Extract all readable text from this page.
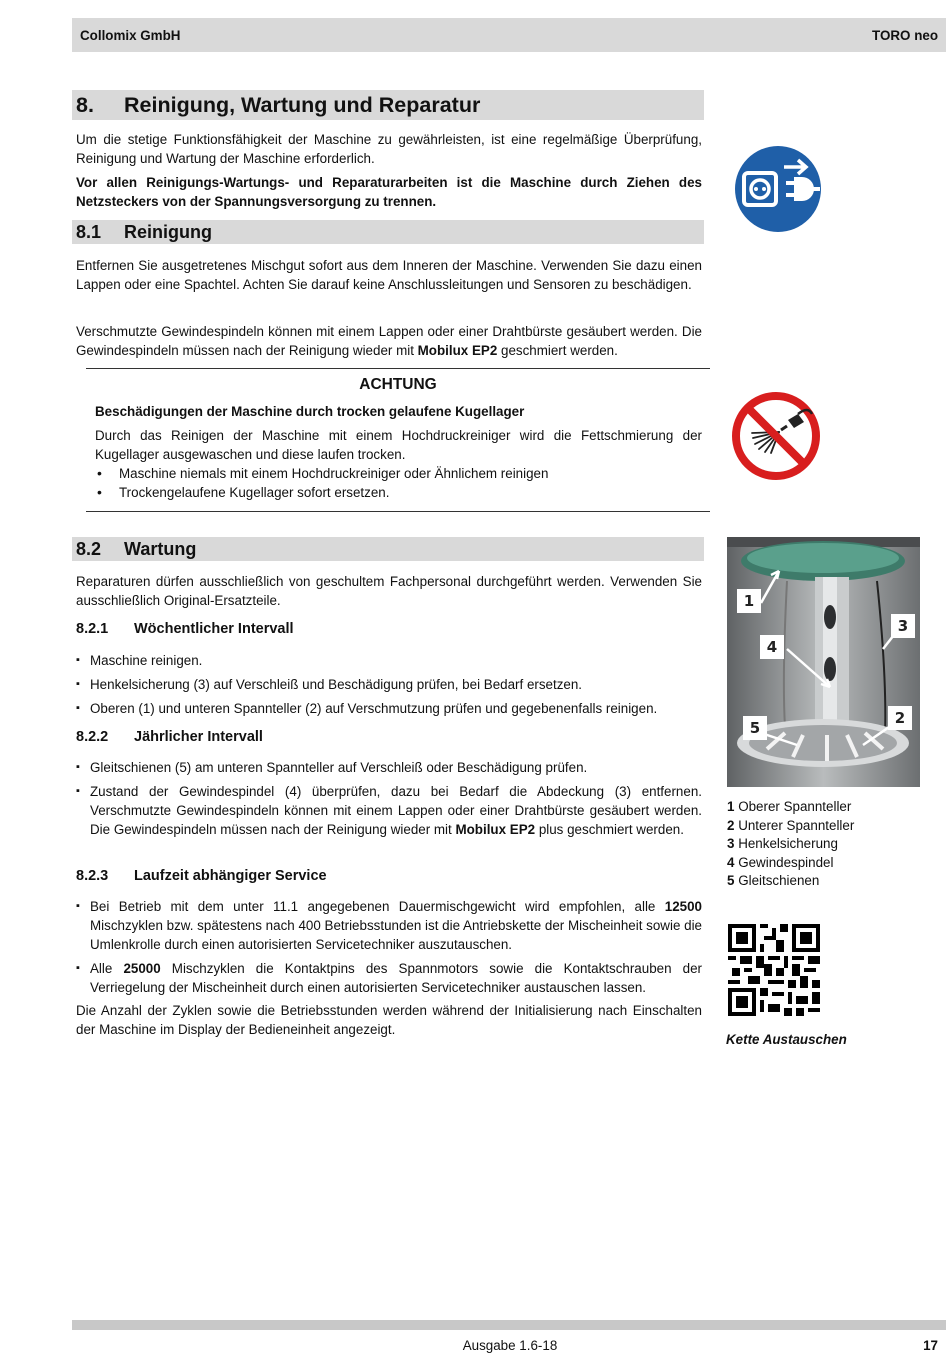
Collomix GmbH	TORO neo
8. Reinigung, Wartung und Reparatur
Um die stetige Funktionsfähigkeit der Maschine zu gewährleisten, ist eine regelmäßige Überprüfung, Reinigung und Wartung der Maschine erforderlich.
Vor allen Reinigungs-Wartungs- und Reparaturarbeiten ist die Maschine durch Ziehen des Netzsteckers von der Spannungsversorgung zu trennen.
8.1 Reinigung
Entfernen Sie ausgetretenes Mischgut sofort aus dem Inneren der Maschine. Verwenden Sie dazu einen Lappen oder eine Spachtel. Achten Sie darauf keine Anschlussleitungen und Sensoren zu beschädigen.
Verschmutzte Gewindespindeln können mit einem Lappen oder einer Drahtbürste gesäubert werden. Die Gewindespindeln müssen nach der Reinigung wieder mit Mobilux EP2 geschmiert werden.
ACHTUNG
Beschädigungen der Maschine durch trocken gelaufene Kugellager
Durch das Reinigen der Maschine mit einem Hochdruckreiniger wird die Fettschmierung der Kugellager ausgewaschen und diese laufen trocken.
• Maschine niemals mit einem Hochdruckreiniger oder Ähnlichem reinigen
• Trockengelaufene Kugellager sofort ersetzen.
8.2 Wartung
Reparaturen dürfen ausschließlich von geschultem Fachpersonal durchgeführt werden. Verwenden Sie ausschließlich Original-Ersatzteile.
8.2.1 Wöchentlicher Intervall
▪ Maschine reinigen.
▪ Henkelsicherung (3) auf Verschleiß und Beschädigung prüfen, bei Bedarf ersetzen.
▪ Oberen (1) und unteren Spannteller (2) auf Verschmutzung prüfen und gegebenenfalls reinigen.
8.2.2 Jährlicher Intervall
▪ Gleitschienen (5) am unteren Spannteller auf Verschleiß oder Beschädigung prüfen.
▪ Zustand der Gewindespindel (4) überprüfen, dazu bei Bedarf die Abdeckung (3) entfernen. Verschmutzte Gewindespindeln können mit einem Lappen oder einer Drahtbürste gesäubert werden. Die Gewindespindeln müssen nach der Reinigung wieder mit Mobilux EP2 plus geschmiert werden.
8.2.3 Laufzeit abhängiger Service
▪ Bei Betrieb mit dem unter 11.1 angegebenen Dauermischgewicht wird empfohlen, alle 12500 Mischzyklen bzw. spätestens nach 400 Betriebsstunden ist die Antriebskette der Mischeinheit sowie die Umlenkrolle durch einen autorisierten Servicetechniker auszutauschen.
▪ Alle 25000 Mischzyklen die Kontaktpins des Spannmotors sowie die Kontaktschrauben der Verriegelung der Mischeinheit durch einen autorisierten Servicetechniker austauschen lassen.
Die Anzahl der Zyklen sowie die Betriebsstunden werden während der Initialisierung nach Einschalten der Maschine im Display der Bedieneinheit angezeigt.
1
4
3
5
2
1 Oberer Spannteller
2 Unterer Spannteller
3 Henkelsicherung
4 Gewindespindel
5 Gleitschienen
Kette Austauschen
Ausgabe 1.6-18	17
